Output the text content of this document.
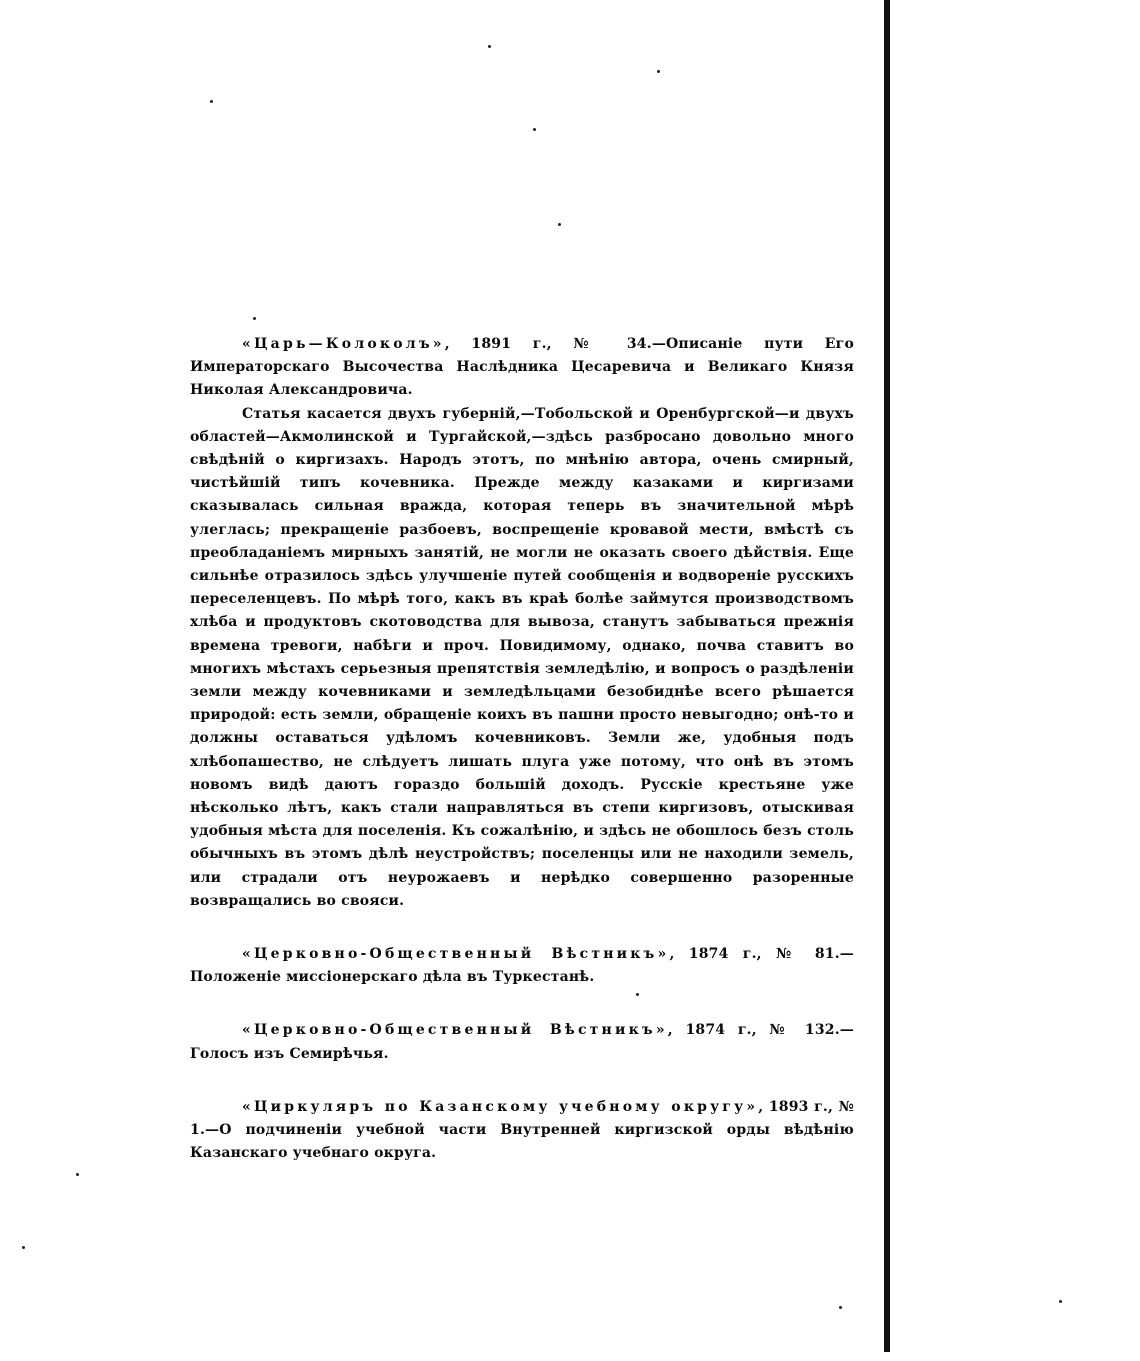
«Царь—Колоколъ», 1891 г., № 34.—Описаніе пути Его Императорскаго Высочества Наслѣдника Цесаревича и Великаго Князя Николая Александровича.

Статья касается двухъ губерній,—Тобольской и Оренбургской—и двухъ областей—Акмолинской и Тургайской,—здѣсь разбросано довольно много свѣдѣній о киргизахъ. Народъ этотъ, по мнѣнію автора, очень смирный, чистѣйшій типъ кочевника. Прежде между казаками и киргизами сказывалась сильная вражда, которая теперь въ значительной мѣрѣ улеглась; прекращеніе разбоевъ, воспрещеніе кровавой мести, вмѣстѣ съ преобладаніемъ мирныхъ занятій, не могли не оказать своего дѣйствія. Еще сильнѣе отразилось здѣсь улучшеніе путей сообщенія и водвореніе русскихъ переселенцевъ. По мѣрѣ того, какъ въ краѣ болѣе займутся производствомъ хлѣба и продуктовъ скотоводства для вывоза, станутъ забываться прежнія времена тревоги, набѣги и проч. Повидимому, однако, почва ставитъ во многихъ мѣстахъ серьезныя препятствія земледѣлію, и вопросъ о раздѣленіи земли между кочевниками и земледѣльцами безобиднѣе всего рѣшается природой: есть земли, обращеніе коихъ въ пашни просто невыгодно; онѣ-то и должны оставаться удѣломъ кочевниковъ. Земли же, удобныя подъ хлѣбопашество, не слѣдуетъ лишать плуга уже потому, что онѣ въ этомъ новомъ видѣ даютъ гораздо большій доходъ. Русскіе крестьяне уже нѣсколько лѣтъ, какъ стали направляться въ степи киргизовъ, отыскивая удобныя мѣста для поселенія. Къ сожалѣнію, и здѣсь не обошлось безъ столь обычныхъ въ этомъ дѣлѣ неустройствъ; поселенцы или не находили земель, или страдали отъ неурожаевъ и нерѣдко совершенно разоренные возвращались во свояси.

«Церковно-Общественный Вѣстникъ», 1874 г., № 81.—Положеніе миссіонерскаго дѣла въ Туркестанѣ.

«Церковно-Общественный Вѣстникъ», 1874 г., № 132.—Голосъ изъ Семирѣчья.

«Циркуляръ по Казанскому учебному округу», 1893 г., № 1.—О подчиненіи учебной части Внутренней киргизской орды вѣдѣнію Казанскаго учебнаго округа.
